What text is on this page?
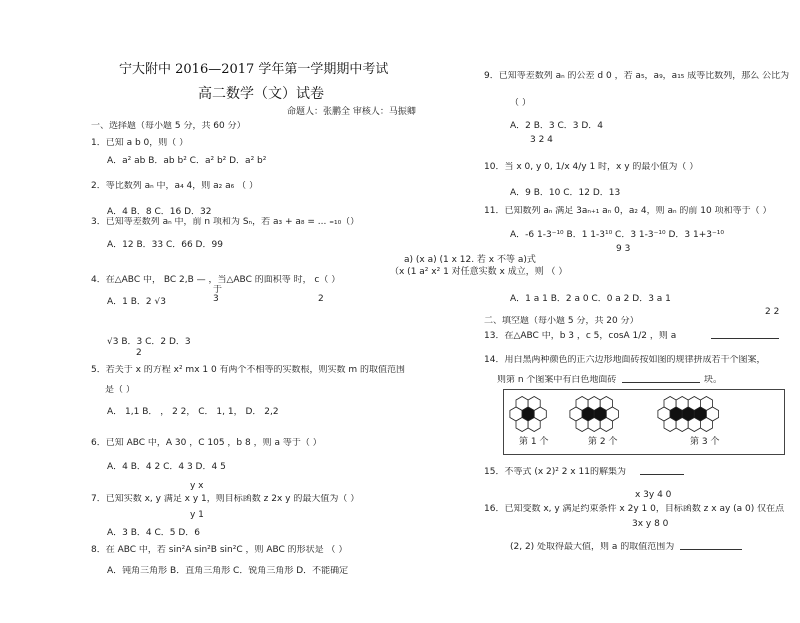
宁大附中 2016—2017 学年第一学期期中考试
高二数学（文）试卷
命题人：张鹏全 审核人：马振卿
第 1 个	第 2 个	第 3 个
一、选择题（每小题 5 分，共 60 分）
1．已知 a b 0，则（ ）
A．a² ab B．ab b² C．a² b² D．a² b²
2．等比数列 aₙ 中，a₄ 4，则 a₂ a₆ （ ）
A．4 B．8 C．16 D．32
3．已知等差数列 aₙ 中，前 n 项和为 Sₙ，若 a₃ + a₈ = ... ₌₁₀（）
A．12 B．33 C．66 D．99
4．在△ABC 中， BC 2,B — ，当△ABC 的面积等 时， c（ ）
于
3	2
A．1 B．2 √3
√3 B．3 C．2 D．3
2
5．若关于 x 的方程 x² mx 1 0 有两个不相等的实数根，则实数 m 的取值范围
是（ ）
A． 1,1 B． ， 2 2， C． 1, 1， D． 2,2
6．已知 ABC 中，A 30 ，C 105 ，b 8 ，则 a 等于（ ）
A．4 B．4 2 C．4 3 D．4 5
y x
7．已知实数 x, y 满足 x y 1，则目标函数 z 2x y 的最大值为（ ）
y 1
A．3 B．4 C．5 D．6
8．在 ABC 中，若 sin²A sin²B sin²C ，则 ABC 的形状是 （ ）
A．钝角三角形 B．直角三角形 C．锐角三角形 D．不能确定
9．已知等差数列 aₙ 的公差 d 0 ，若 a₅，a₉，a₁₅ 成等比数列，那么 公比为
（ ）
A．2 B．3 C．3 D．4
3 2 4
10．当 x 0, y 0, 1/x 4/y 1 时，x y 的最小值为（ ）
A．9 B．10 C．12 D．13
11．已知数列 aₙ 满足 3aₙ₊₁ aₙ 0，a₂ 4，则 aₙ 的前 10 项和等于（ ）
A．-6 1-3⁻¹⁰ B．1 1-3¹⁰ C．3 1-3⁻¹⁰ D．3 1+3⁻¹⁰
9 3
a) (x a) (1 x 12. 若 x 不等 a)式
（x (1 a² x² 1 对任意实数 x 成立，则 （ ）
A．1 a 1 B．2 a 0 C．0 a 2 D．3 a 1
2 2
二、填空题（每小题 5 分，共 20 分）
13．在△ABC 中，b 3 ，c 5，cosA 1/2 ，则 a
14．用白黑两种颜色的正六边形地面砖按如图的规律拼成若干个图案，
则第 n 个图案中有白色地面砖	块。
15．不等式 (x 2)² 2 x 11的解集为
x 3y 4 0
16．已知变数 x, y 满足约束条件 x 2y 1 0，目标函数 z x ay (a 0) 仅在点
3x y 8 0
(2, 2) 处取得最大值，则 a 的取值范围为
